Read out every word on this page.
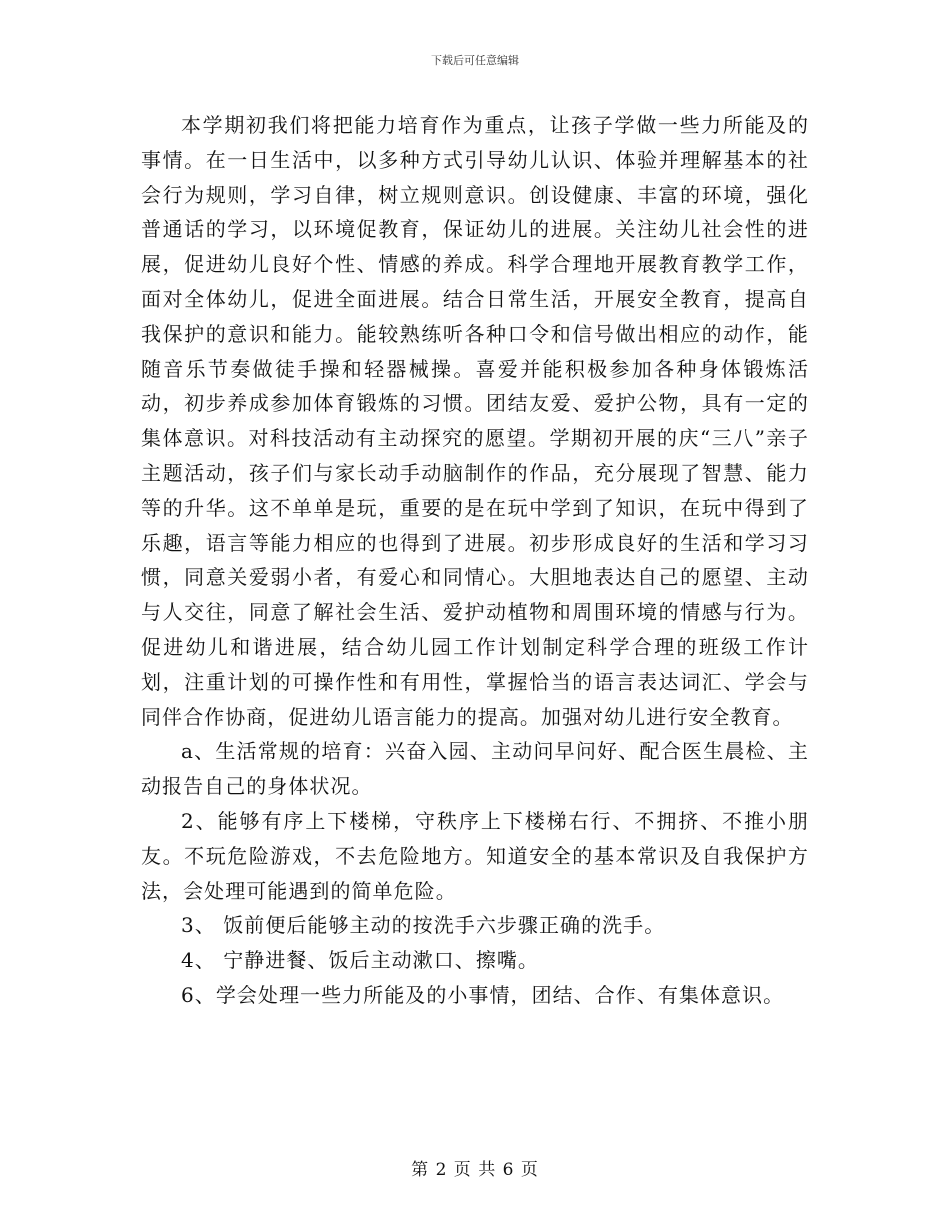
下载后可任意编辑

本学期初我们将把能力培育作为重点，让孩子学做一些力所能及的事情。在一日生活中，以多种方式引导幼儿认识、体验并理解基本的社会行为规则，学习自律，树立规则意识。创设健康、丰富的环境，强化普通话的学习，以环境促教育，保证幼儿的进展。关注幼儿社会性的进展，促进幼儿良好个性、情感的养成。科学合理地开展教育教学工作，面对全体幼儿，促进全面进展。结合日常生活，开展安全教育，提高自我保护的意识和能力。能较熟练听各种口令和信号做出相应的动作，能随音乐节奏做徒手操和轻器械操。喜爱并能积极参加各种身体锻炼活动，初步养成参加体育锻炼的习惯。团结友爱、爱护公物，具有一定的集体意识。对科技活动有主动探究的愿望。学期初开展的庆“三八”亲子主题活动，孩子们与家长动手动脑制作的作品，充分展现了智慧、能力等的升华。这不单单是玩，重要的是在玩中学到了知识，在玩中得到了乐趣，语言等能力相应的也得到了进展。初步形成良好的生活和学习习惯，同意关爱弱小者，有爱心和同情心。大胆地表达自己的愿望、主动与人交往，同意了解社会生活、爱护动植物和周围环境的情感与行为。促进幼儿和谐进展，结合幼儿园工作计划制定科学合理的班级工作计划，注重计划的可操作性和有用性，掌握恰当的语言表达词汇、学会与同伴合作协商，促进幼儿语言能力的提高。加强对幼儿进行安全教育。

a、生活常规的培育：兴奋入园、主动问早问好、配合医生晨检、主动报告自己的身体状况。

2、能够有序上下楼梯，守秩序上下楼梯右行、不拥挤、不推小朋友。不玩危险游戏，不去危险地方。知道安全的基本常识及自我保护方法，会处理可能遇到的简单危险。

3、 饭前便后能够主动的按洗手六步骤正确的洗手。

4、 宁静进餐、饭后主动漱口、擦嘴。

6、学会处理一些力所能及的小事情，团结、合作、有集体意识。

第 2 页 共 6 页
